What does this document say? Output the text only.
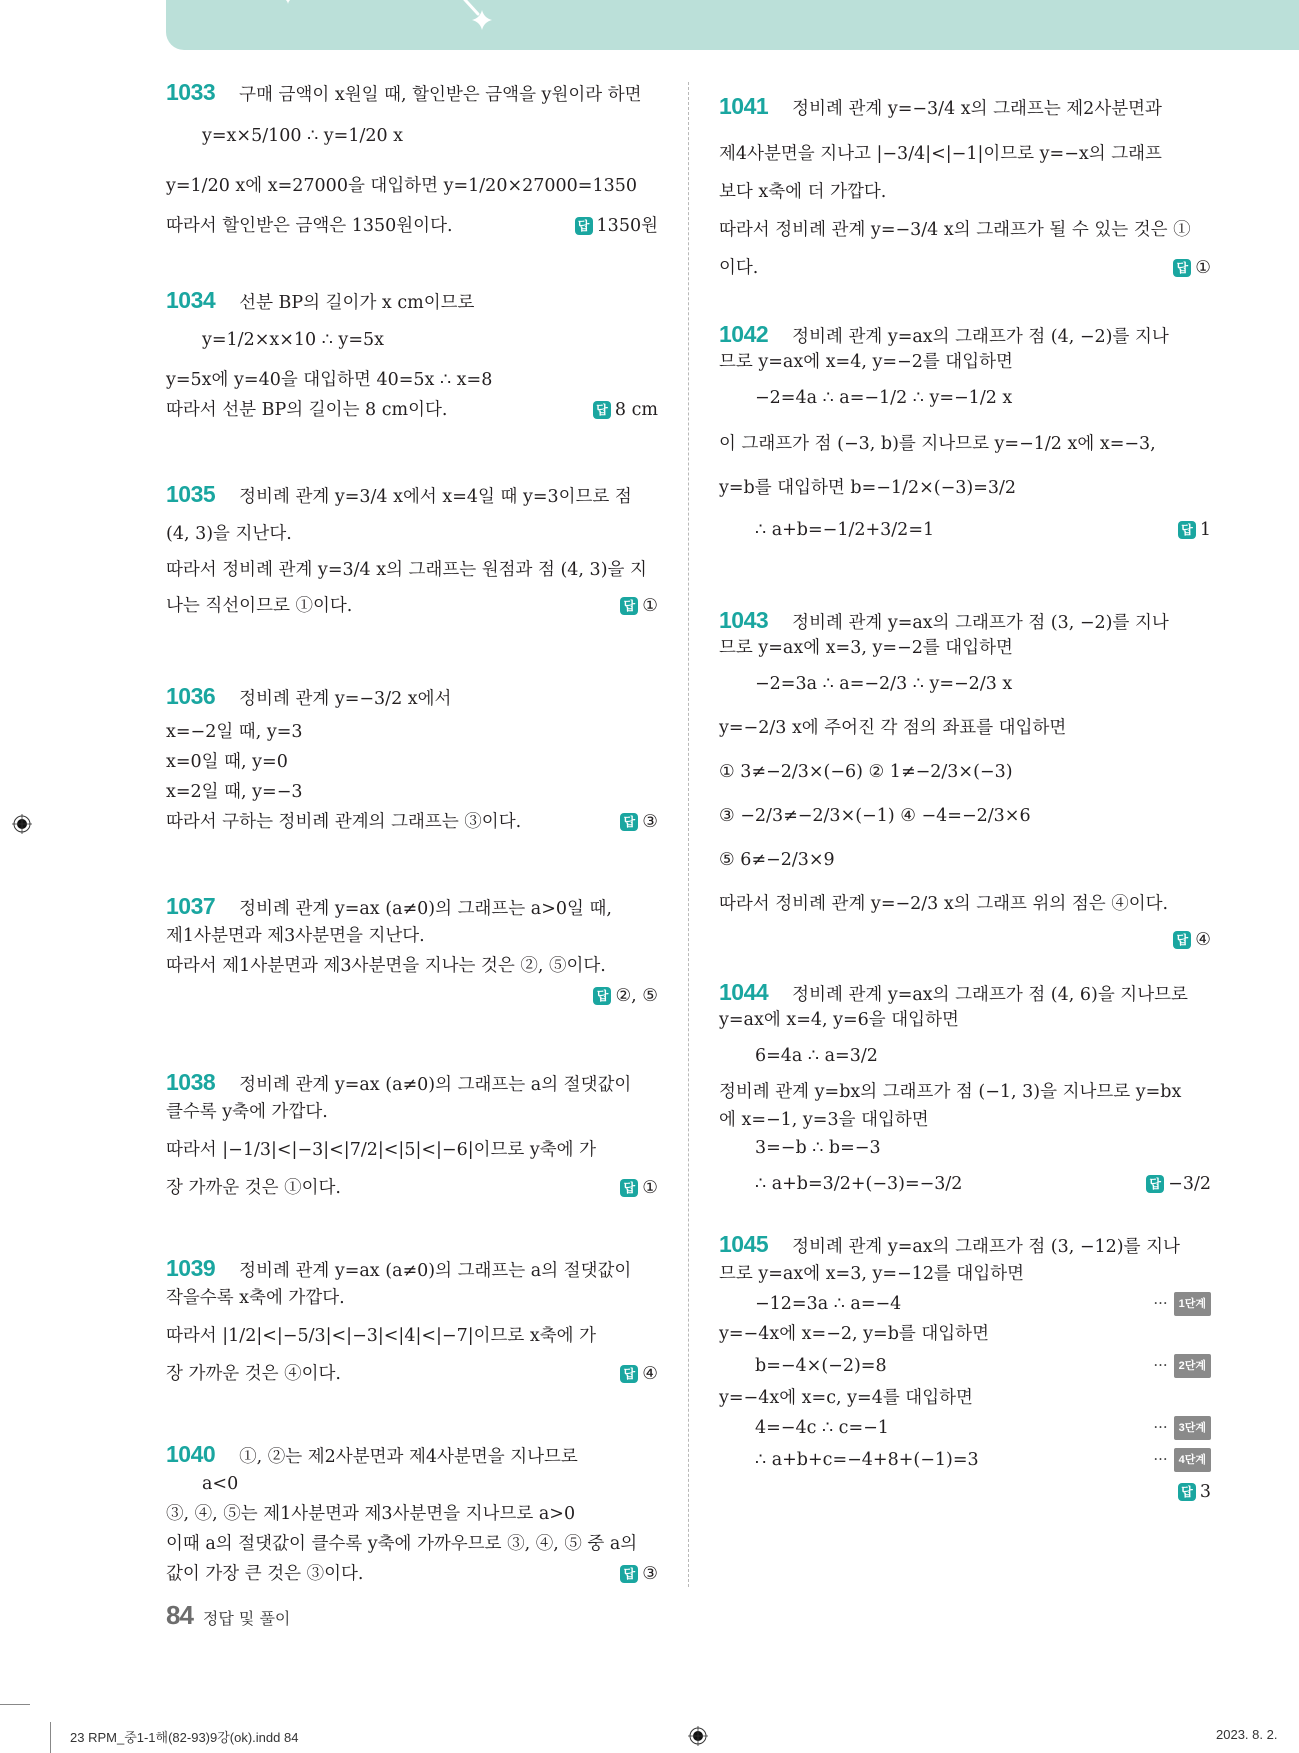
1033 구매 금액이 x원일 때, 할인받은 금액을 y원이라 하면
y=x×5/100 ∴ y=1/20 x
y=1/20 x에 x=27000을 대입하면 y=1/20×27000=1350
따라서 할인받은 금액은 1350원이다.	답 1350원
1034 선분 BP의 길이가 x cm이므로
y=1/2×x×10 ∴ y=5x
y=5x에 y=40을 대입하면 40=5x ∴ x=8
따라서 선분 BP의 길이는 8 cm이다.	답 8 cm
1035 정비례 관계 y=3/4 x에서 x=4일 때 y=3이므로 점
(4, 3)을 지난다.
따라서 정비례 관계 y=3/4 x의 그래프는 원점과 점 (4, 3)을 지
나는 직선이므로 ①이다.	답 ①
1036 정비례 관계 y=−3/2 x에서
x=−2일 때, y=3
x=0일 때, y=0
x=2일 때, y=−3
따라서 구하는 정비례 관계의 그래프는 ③이다.	답 ③
1037 정비례 관계 y=ax (a≠0)의 그래프는 a>0일 때,
제1사분면과 제3사분면을 지난다.
따라서 제1사분면과 제3사분면을 지나는 것은 ②, ⑤이다.
답 ②, ⑤
1038 정비례 관계 y=ax (a≠0)의 그래프는 a의 절댓값이
클수록 y축에 가깝다.
따라서 |−1/3|<|−3|<|7/2|<|5|<|−6|이므로 y축에 가
장 가까운 것은 ①이다.	답 ①
1039 정비례 관계 y=ax (a≠0)의 그래프는 a의 절댓값이
작을수록 x축에 가깝다.
따라서 |1/2|<|−5/3|<|−3|<|4|<|−7|이므로 x축에 가
장 가까운 것은 ④이다.	답 ④
1040 ①, ②는 제2사분면과 제4사분면을 지나므로
a<0
③, ④, ⑤는 제1사분면과 제3사분면을 지나므로 a>0
이때 a의 절댓값이 클수록 y축에 가까우므로 ③, ④, ⑤ 중 a의
값이 가장 큰 것은 ③이다.	답 ③
1041 정비례 관계 y=−3/4 x의 그래프는 제2사분면과
제4사분면을 지나고 |−3/4|<|−1|이므로 y=−x의 그래프
보다 x축에 더 가깝다.
따라서 정비례 관계 y=−3/4 x의 그래프가 될 수 있는 것은 ①
이다.	답 ①
1042 정비례 관계 y=ax의 그래프가 점 (4, −2)를 지나
므로 y=ax에 x=4, y=−2를 대입하면
−2=4a ∴ a=−1/2 ∴ y=−1/2 x
이 그래프가 점 (−3, b)를 지나므로 y=−1/2 x에 x=−3,
y=b를 대입하면 b=−1/2×(−3)=3/2
∴ a+b=−1/2+3/2=1	답 1
1043 정비례 관계 y=ax의 그래프가 점 (3, −2)를 지나
므로 y=ax에 x=3, y=−2를 대입하면
−2=3a ∴ a=−2/3 ∴ y=−2/3 x
y=−2/3 x에 주어진 각 점의 좌표를 대입하면
① 3≠−2/3×(−6) ② 1≠−2/3×(−3)
③ −2/3≠−2/3×(−1) ④ −4=−2/3×6
⑤ 6≠−2/3×9
따라서 정비례 관계 y=−2/3 x의 그래프 위의 점은 ④이다.
답 ④
1044 정비례 관계 y=ax의 그래프가 점 (4, 6)을 지나므로
y=ax에 x=4, y=6을 대입하면
6=4a ∴ a=3/2
정비례 관계 y=bx의 그래프가 점 (−1, 3)을 지나므로 y=bx
에 x=−1, y=3을 대입하면
3=−b ∴ b=−3
∴ a+b=3/2+(−3)=−3/2	답 −3/2
1045 정비례 관계 y=ax의 그래프가 점 (3, −12)를 지나
므로 y=ax에 x=3, y=−12를 대입하면
−12=3a ∴ a=−4	··· 1단계
y=−4x에 x=−2, y=b를 대입하면
b=−4×(−2)=8	··· 2단계
y=−4x에 x=c, y=4를 대입하면
4=−4c ∴ c=−1	··· 3단계
∴ a+b+c=−4+8+(−1)=3	··· 4단계
답 3
84 정답 및 풀이
23 RPM_중1-1해(82-93)9강(ok).indd 84	2023. 8. 2.
